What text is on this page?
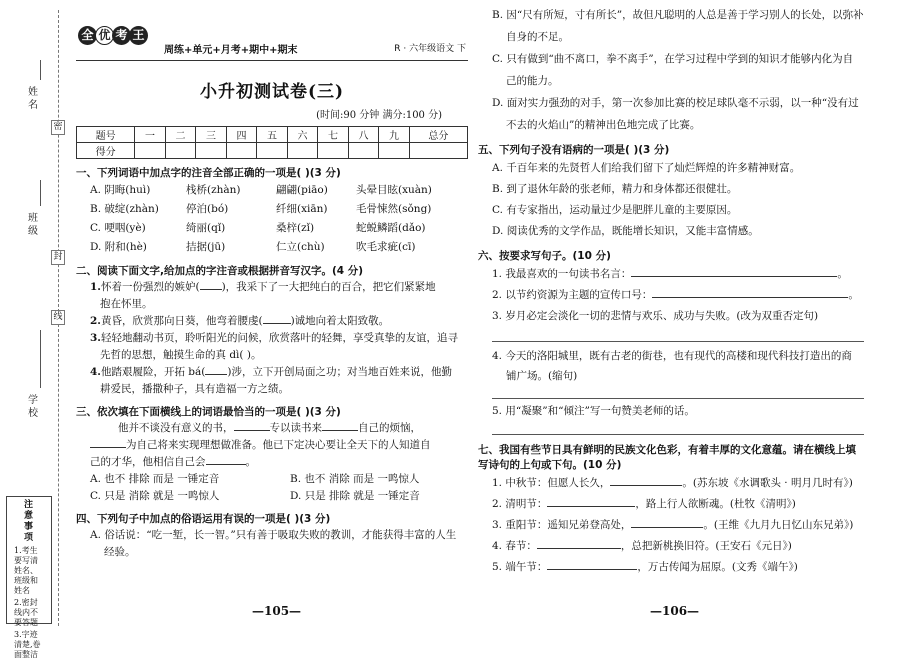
姓 名
班 级
学 校
密
封
线
注意事项
1.考生要写清姓名、班级和姓名
2.密封线内不要答题
3.字迹清楚,卷面整洁
全 优 考 王
周练+单元+月考+期中+期末	R · 六年级语文 下
小升初测试卷(三)
(时间:90 分钟 满分:100 分)
题号	一	二	三	四	五	六	七	八	九	总分
得分										
一、下列词语中加点字的注音全部正确的一项是( )(3 分)
A. 阴晦(huì)	栈桥(zhàn)	翩翩(piāo)	头晕目眩(xuàn)
B. 破绽(zhàn)	停泊(bó)	纤细(xiān)	毛骨悚然(sǒng)
C. 哽咽(yè)	绮丽(qǐ)	桑梓(zǐ)	蛇蜕鳞蹈(dǎo)
D. 附和(hè)	拮据(jū)	仁立(chù)	吹毛求疵(cī)
二、阅读下面文字,给加点的字注音或根据拼音写汉字。(4 分)
1.怀着一份强烈的嫉妒( )，我采下了一大把纯白的百合，把它们紧紧地
抱在怀里。
2.黄昏，欣赏那向日葵，他弯着腰虔(	)诚地向着太阳致敬。
3.轻轻地翻动书页，聆听阳光的问候，欣赏落叶的轻舞，享受真挚的友谊，追寻
先哲的思想，触摸生命的真 dì( )。
4.他踏艰履险，开拓 bá( )涉，立下开创局面之功；对当地百姓来说，他勤
耕爱民，播撒种子，具有造福一方之绩。
三、依次填在下面横线上的词语最恰当的一项是( )(3 分)
他并不谈没有意义的书，	专以读书来	自己的烦恼，
为自己将来实现理想做准备。他已下定决心要让全天下的人知道自
己的才华，他相信自己会	。
A. 也不 排除 而是 一锤定音	B. 也不 消除 而是 一鸣惊人
C. 只是 消除 就是 一鸣惊人	D. 只是 排除 就是 一锤定音
四、下列句子中加点的俗语运用有误的一项是( )(3 分)
A. 俗话说：“吃一堑，长一智。”只有善于吸取失败的教训，才能获得丰富的人生
经验。
—105—
B. 因“尺有所短，寸有所长”，故但凡聪明的人总是善于学习别人的长处，以弥补
自身的不足。
C. 只有做到“曲不离口，拳不离手”，在学习过程中学到的知识才能够内化为自
己的能力。
D. 面对实力强劲的对手，第一次参加比赛的校足球队毫不示弱，以一种“没有过
不去的火焰山”的精神出色地完成了比赛。
五、下列句子没有语病的一项是( )(3 分)
A. 千百年来的先贤哲人们给我们留下了灿烂辉煌的许多精神财富。
B. 到了退休年龄的张老师，精力和身体都还很健壮。
C. 有专家指出，运动量过少是肥胖儿童的主要原因。
D. 阅读优秀的文学作品，既能增长知识，又能丰富情感。
六、按要求写句子。(10 分)
1. 我最喜欢的一句读书名言：	。
2. 以节约资源为主题的宣传口号：	。
3. 岁月必定会淡化一切的悲情与欢乐、成功与失败。(改为双重否定句)
4. 今天的洛阳城里，既有古老的街巷，也有现代的高楼和现代科技打造出的商
铺广场。(缩句)
5. 用“凝聚”和“倾注”写一句赞美老师的话。
七、我国有些节日具有鲜明的民族文化色彩，有着丰厚的文化意蕴。请在横线上填
写诗句的上句或下句。(10 分)
1. 中秋节：但愿人长久，	。(苏东坡《水调歌头 · 明月几时有》)
2. 清明节：	，路上行人欲断魂。(杜牧《清明》)
3. 重阳节：遥知兄弟登高处，	。(王维《九月九日忆山东兄弟》)
4. 春节：	，总把新桃换旧符。(王安石《元日》)
5. 端午节：	，万古传闻为屈原。(文秀《端午》)
—106—
